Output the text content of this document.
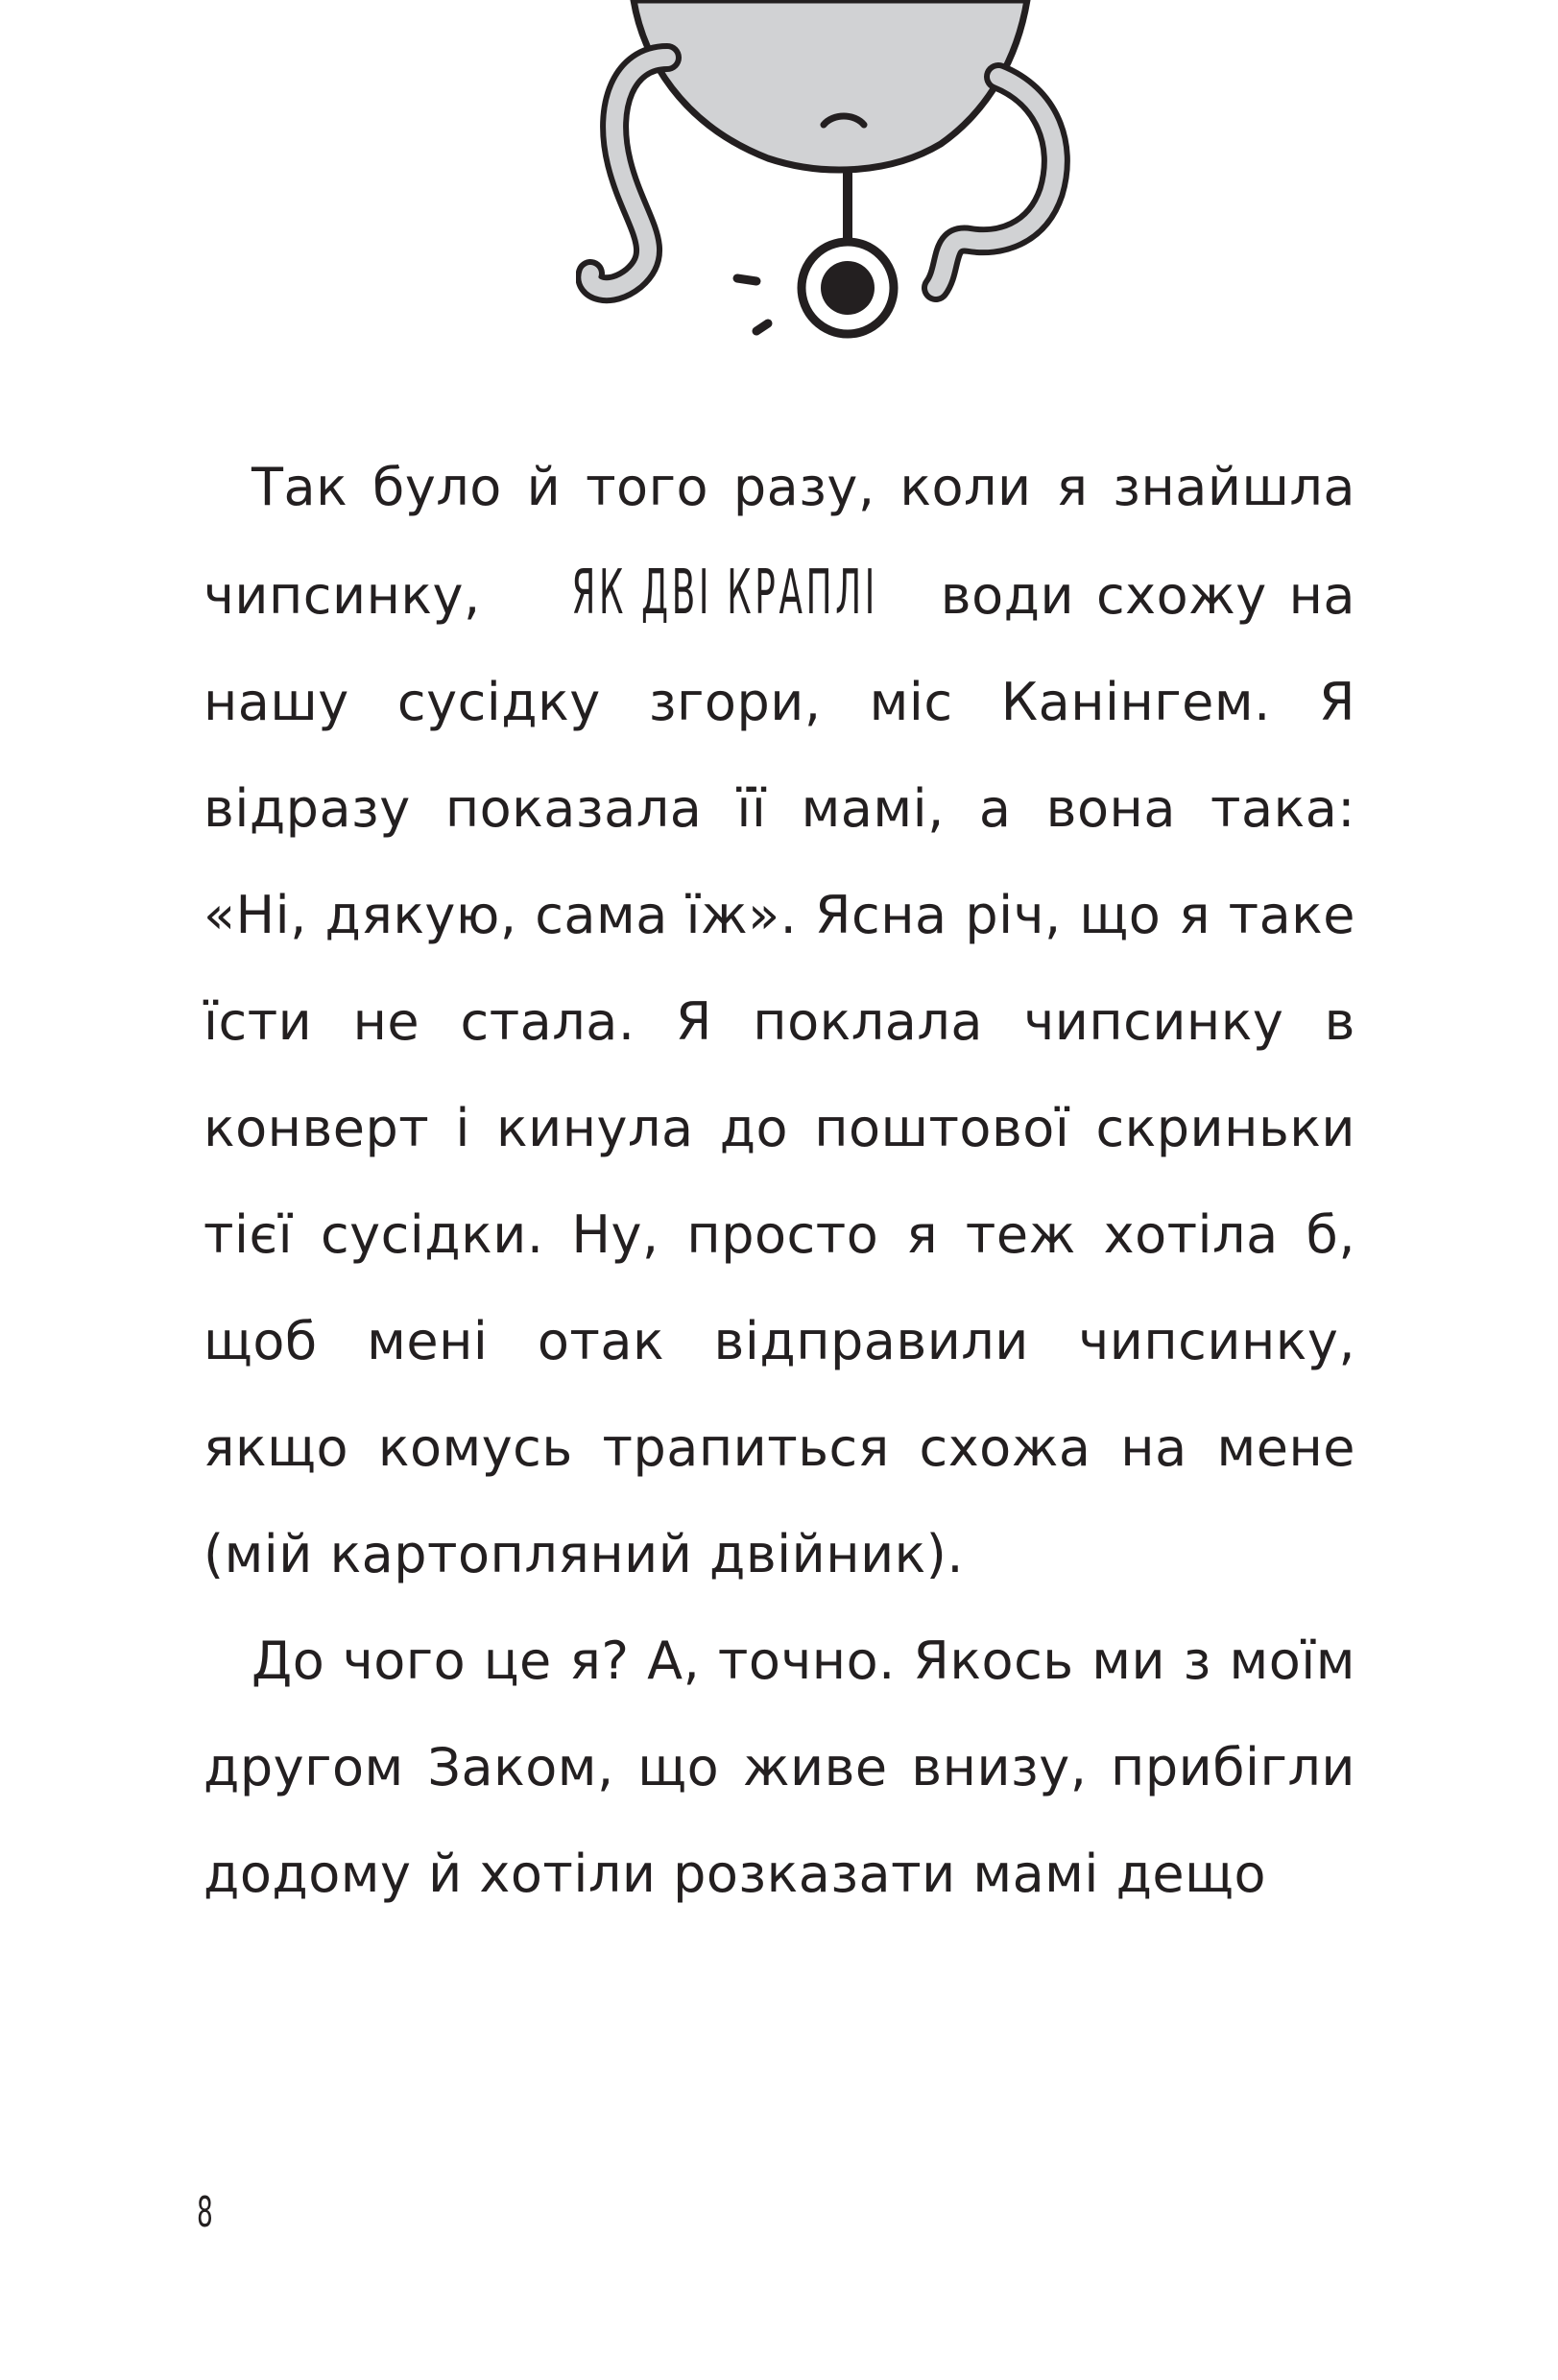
Так було й того разу, коли я знайшла чипсинку, ЯК ДВІ КРАПЛІ води схожу на нашу сусідку згори, міс Канінгем. Я відразу показала її мамі, а вона така: «Ні, дякую, сама їж». Ясна річ, що я таке їсти не стала. Я поклала чипсинку в конверт і кинула до поштової скриньки тієї сусідки. Ну, просто я теж хотіла б, щоб мені отак відправили чипсинку, якщо комусь трапиться схожа на мене (мій картопляний двійник).

До чого це я? А, точно. Якось ми з моїм другом Заком, що живе внизу, прибігли додому й хотіли розказати мамі дещо

8
